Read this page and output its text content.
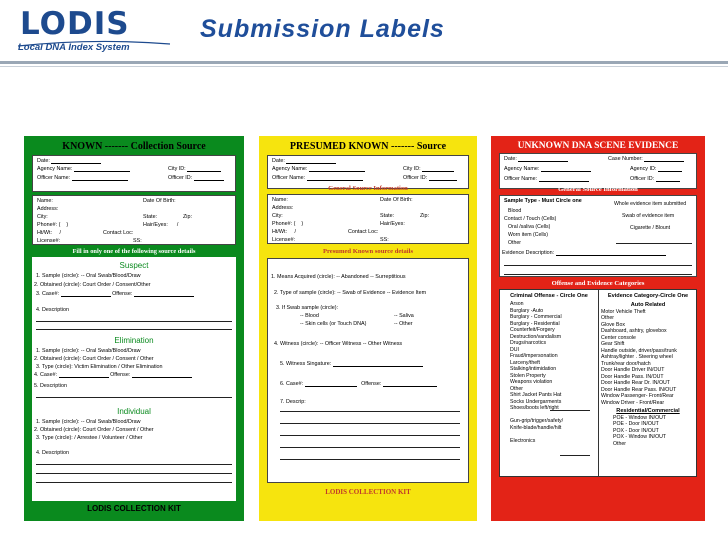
LODIS
Local DNA Index System
Submission Labels
KNOWN ------- Collection Source
Date:
Agency Name:	City ID:
Officer Name:	Officer ID:
General Source Information
Name:	Date Of Birth:
Address:
City:	State:	Zip:
Phone#: ( )	Hair/Eyes: /
Ht/Wt: /	Contact Loc:
License#:	SS:
Fill in only one of the following source details
Suspect
1. Sample (circle): -- Oral Swab/Blood/Draw
2. Obtained (circle): Court Order / Consent/Other
3. Case#:	Offense:
4. Description
Elimination
1. Sample (circle): -- Oral Swab/Blood/Draw
2. Obtained (circle): Court Order / Consent / Other
3. Type (circle): Victim Elimination / Other Elimination
4. Case#:	Offense:
5. Description
Individual
1. Sample (circle): -- Oral Swab/Blood/Draw
2. Obtained (circle): Court Order / Consent / Other
3. Type (circle): / Arrestee / Volunteer / Other
4. Description
LODIS COLLECTION KIT
PRESUMED KNOWN ------- Source
Date:
Agency Name:	City ID:
Officer Name:	Officer ID:
General Source Information
Name:	Date Of Birth:
Address:
City:	State:	Zip:
Phone#: ( )	Hair/Eyes:
Ht/Wt: /	Contact Loc:
License#:	SS:
Presumed Known source details
1. Means Acquired (circle): -- Abandoned -- Surreptitious
2. Type of sample (circle): -- Swab of Evidence -- Evidence Item
3. If Swab sample (circle):
-- Blood	-- Saliva
-- Skin cells (or Touch DNA)	-- Other
4. Witness (circle): -- Officer Witness -- Other Witness
5. Witness Singature:
6. Case#:	Offense:
7. Descrip:
LODIS COLLECTION KIT
UNKNOWN DNA SCENE EVIDENCE
Date:	Case Number:
Agency Name:	Agency ID:
Officer Name:	Officer ID:
General Source Information
Sample Type - Must Circle one
Blood
Contact / Touch (Cells)
Oral /saliva (Cells)
Worn item (Cells)
Other
Whole evidence item submitted
Swab of evidence item
Cigarette / Blount
Evidence Description:
Offense and Evidence Categories
Criminal Offense - Circle One
Arson
Burglary -Auto
Burglary - Commercial
Burglary - Residential
Counterfeit/Forgery
Destruction/vandalism
Drugs/narcotics
DUI
Fraud/impersonation
Larceny/theft
Stalking/intimidation
Stolen Property
Weapons violation
Other
Shirt Jacket Pants Hat
Socks Undergarments
Shoes/boots left/right

Gun-grip/trigger/safety/
Knife-blade/handle/hilt

Electronics
Evidence Category-Circle One
Auto Related
Motor Vehicle Theft
Other
Glove Box
Dashboard, ashtry, glovebox
Center console
Gear Shift
Handle outside, driver/pass/trunk
Ashtray/lighter . Steering wheel
Trunk/rear door/hatch
Door Handle Driver IN/OUT
Door Handle Pass. IN/OUT
Door Handle Rear Dr. IN/OUT
Door Handle Rear Pass. IN/OUT
Window Passenger- Front/Rear
Window Driver - Front/Rear
Residential/Commercial
POE - Window IN/OUT
POE - Door IN/OUT
POX - Door IN/OUT
POX - Window IN/OUT
Other
